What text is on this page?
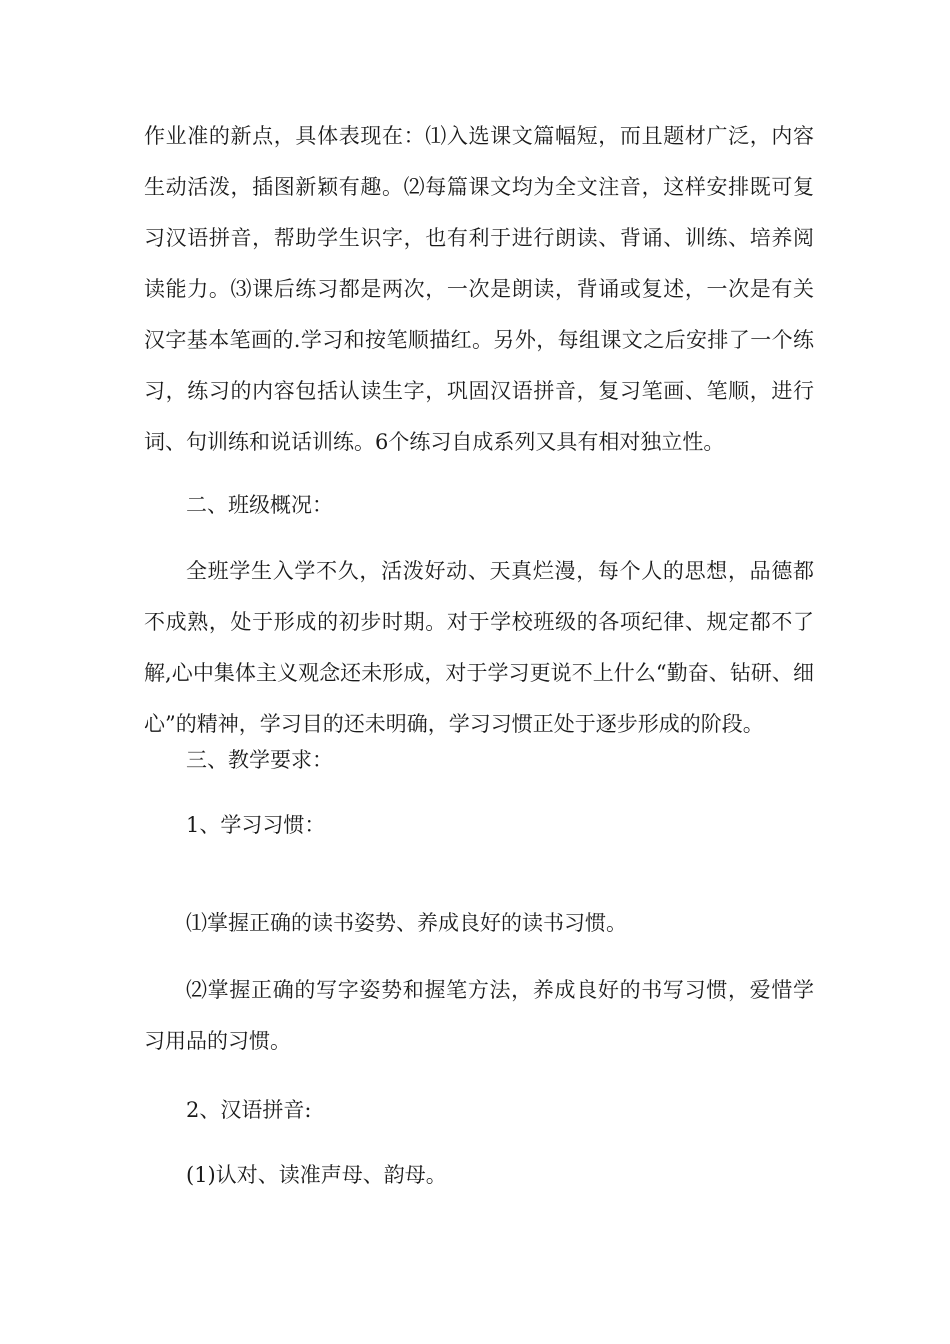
作业准的新点，具体表现在：⑴入选课文篇幅短，而且题材广泛，内容生动活泼，插图新颖有趣。⑵每篇课文均为全文注音，这样安排既可复习汉语拼音，帮助学生识字，也有利于进行朗读、背诵、训练、培养阅读能力。⑶课后练习都是两次，一次是朗读，背诵或复述，一次是有关汉字基本笔画的.学习和按笔顺描红。另外，每组课文之后安排了一个练习，练习的内容包括认读生字，巩固汉语拼音，复习笔画、笔顺，进行词、句训练和说话训练。6个练习自成系列又具有相对独立性。

二、班级概况：

全班学生入学不久，活泼好动、天真烂漫，每个人的思想，品德都不成熟，处于形成的初步时期。对于学校班级的各项纪律、规定都不了解,心中集体主义观念还未形成，对于学习更说不上什么“勤奋、钻研、细心”的精神，学习目的还未明确，学习习惯正处于逐步形成的阶段。

三、教学要求：

1、学习习惯：

⑴掌握正确的读书姿势、养成良好的读书习惯。

⑵掌握正确的写字姿势和握笔方法，养成良好的书写习惯，爱惜学习用品的习惯。

2、汉语拼音:

(1)认对、读准声母、韵母。
